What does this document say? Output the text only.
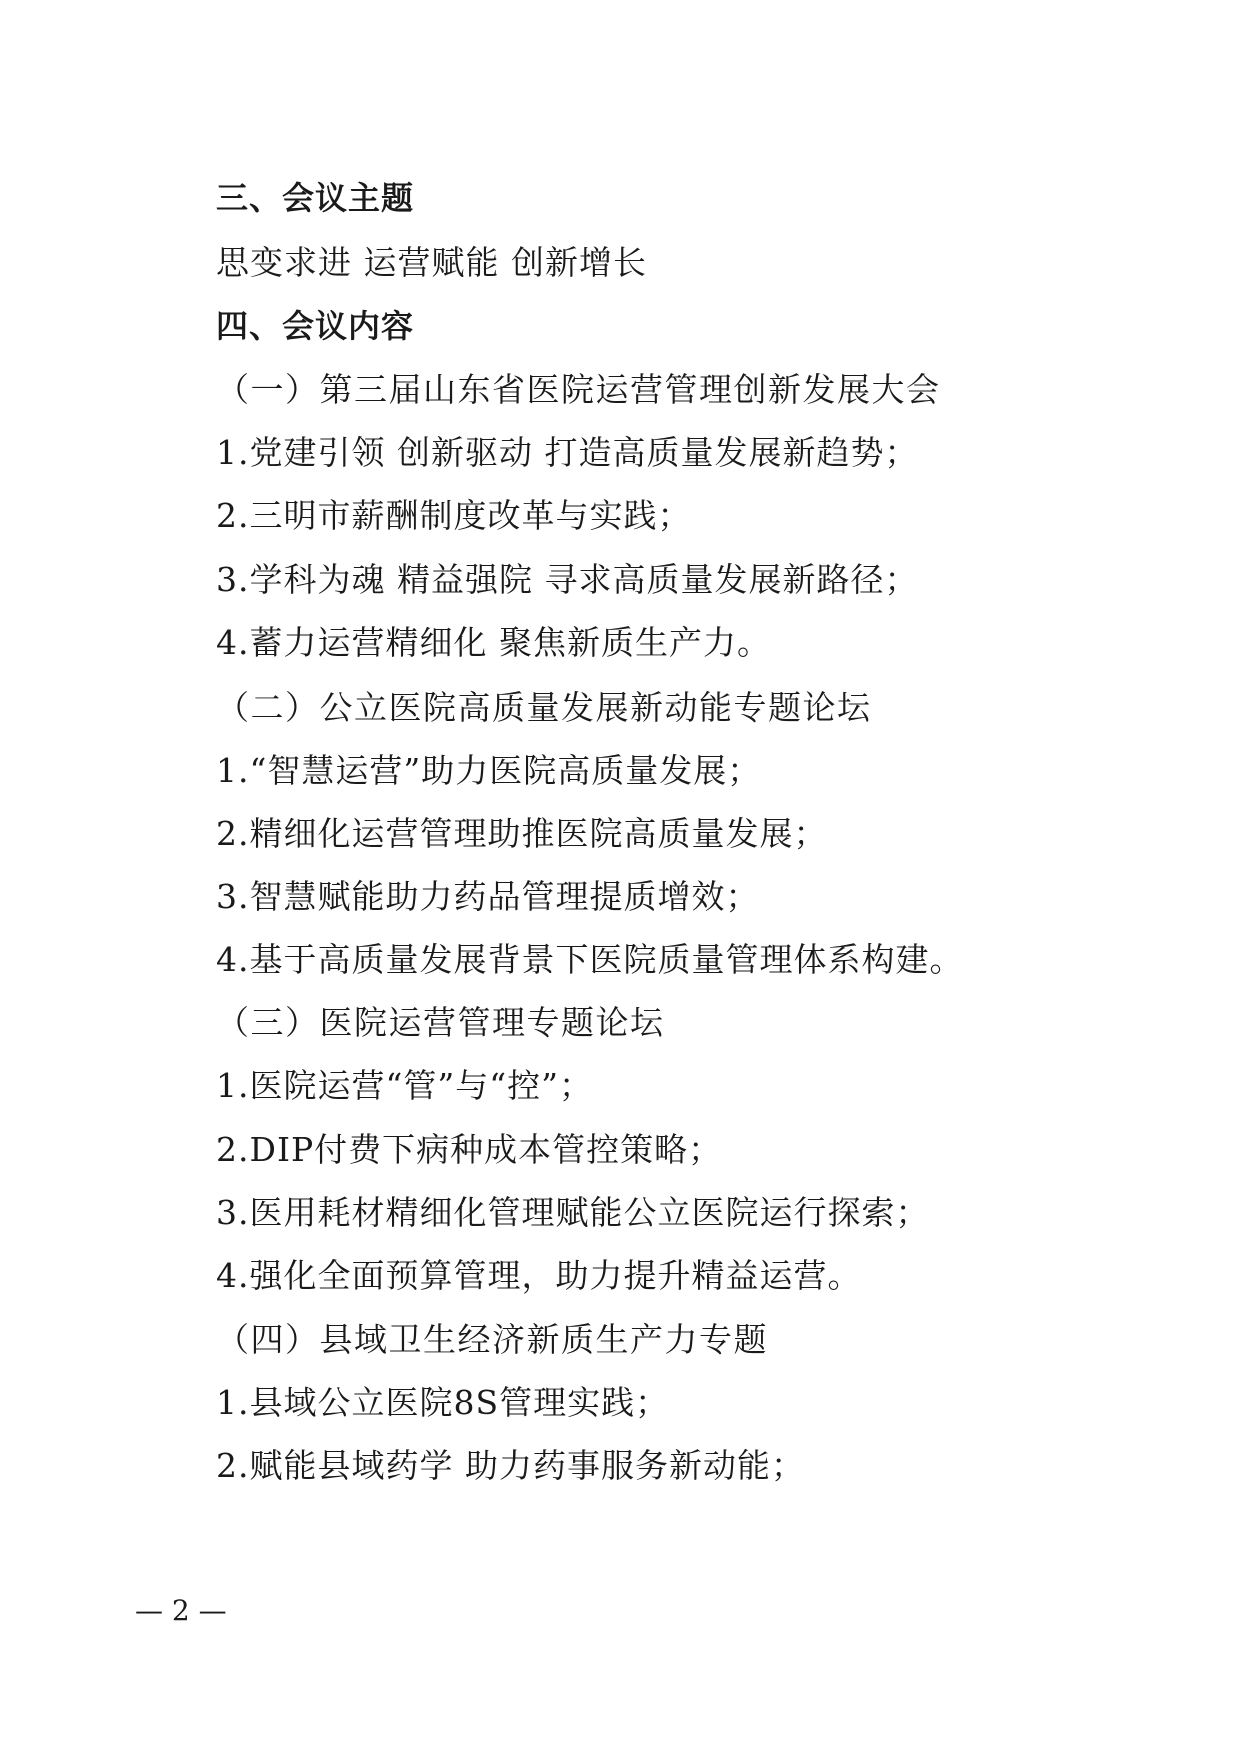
三、会议主题
思变求进 运营赋能 创新增长
四、会议内容
（一）第三届山东省医院运营管理创新发展大会
1.党建引领 创新驱动 打造高质量发展新趋势；
2.三明市薪酬制度改革与实践；
3.学科为魂 精益强院 寻求高质量发展新路径；
4.蓄力运营精细化 聚焦新质生产力。
（二）公立医院高质量发展新动能专题论坛
1.“智慧运营”助力医院高质量发展；
2.精细化运营管理助推医院高质量发展；
3.智慧赋能助力药品管理提质增效；
4.基于高质量发展背景下医院质量管理体系构建。
（三）医院运营管理专题论坛
1.医院运营“管”与“控”；
2.DIP付费下病种成本管控策略；
3.医用耗材精细化管理赋能公立医院运行探索；
4.强化全面预算管理，助力提升精益运营。
（四）县域卫生经济新质生产力专题
1.县域公立医院8S管理实践；
2.赋能县域药学 助力药事服务新动能；
— 2 —
